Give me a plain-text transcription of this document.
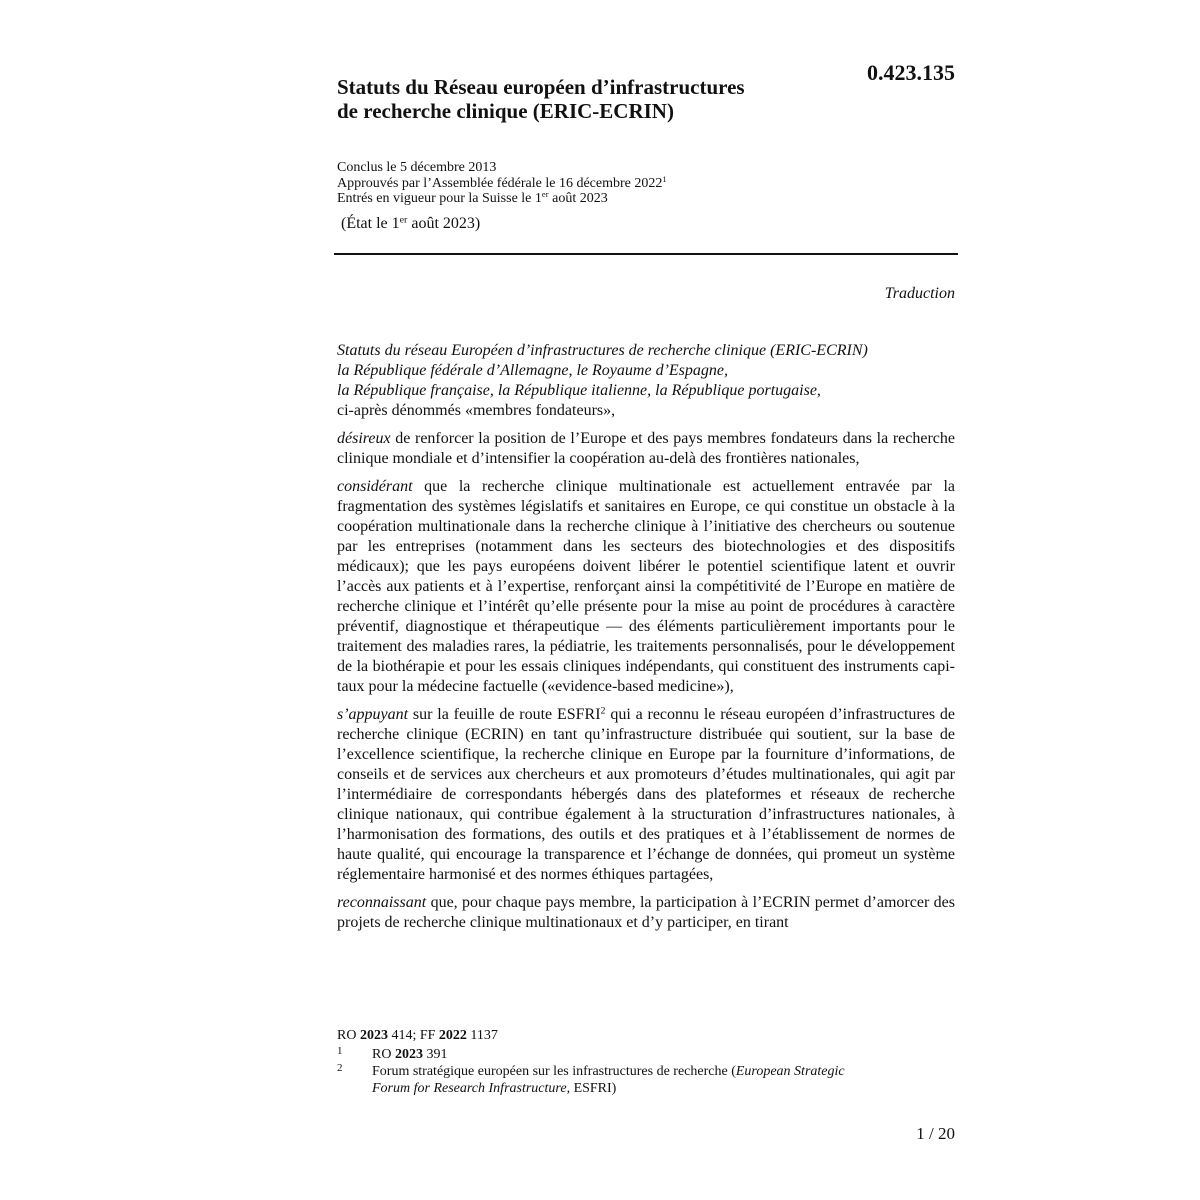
0.423.135
Statuts du Réseau européen d’infrastructures
de recherche clinique (ERIC-ECRIN)
Conclus le 5 décembre 2013
Approuvés par l’Assemblée fédérale le 16 décembre 2022$^1$
Entrés en vigueur pour la Suisse le 1er août 2023
(État le 1er août 2023)
Traduction

Statuts du réseau Européen d’infrastructures de recherche clinique (ERIC-ECRIN)
la République fédérale d’Allemagne, le Royaume d’Espagne,
la République française, la République italienne, la République portugaise,
ci-après dénommés «membres fondateurs»,

désireux de renforcer la position de l’Europe et des pays membres fondateurs dans la recherche clinique mondiale et d’intensifier la coopération au-delà des frontières nationales,

considérant que la recherche clinique multinationale est actuellement entravée par la fragmentation des systèmes législatifs et sanitaires en Europe, ce qui constitue un obstacle à la coopération multinationale dans la recherche clinique à l’initiative des chercheurs ou soutenue par les entreprises (notamment dans les secteurs des biotechnologies et des dispositifs médicaux); que les pays européens doivent libérer le potentiel scientifique latent et ouvrir l’accès aux patients et à l’expertise, renforçant ainsi la compétitivité de l’Europe en matière de recherche clinique et l’intérêt qu’elle présente pour la mise au point de procédures à caractère préventif, diagnostique et thérapeutique — des éléments particulièrement importants pour le traitement des maladies rares, la pédiatrie, les traitements personnalisés, pour le développement de la biothérapie et pour les essais cliniques indépendants, qui constituent des instruments capitaux pour la médecine factuelle («evidence-based medicine»),

s’appuyant sur la feuille de route ESFRI$^2$ qui a reconnu le réseau européen d’infrastructures de recherche clinique (ECRIN) en tant qu’infrastructure distribuée qui soutient, sur la base de l’excellence scientifique, la recherche clinique en Europe par la fourniture d’informations, de conseils et de services aux chercheurs et aux promoteurs d’études multinationales, qui agit par l’intermédiaire de correspondants hébergés dans des plateformes et réseaux de recherche clinique nationaux, qui contribue également à la structuration d’infrastructures nationales, à l’harmonisation des formations, des outils et des pratiques et à l’établissement de normes de haute qualité, qui encourage la transparence et l’échange de données, qui promeut un système réglementaire harmonisé et des normes éthiques partagées,

reconnaissant que, pour chaque pays membre, la participation à l’ECRIN permet d’amorcer des projets de recherche clinique multinationaux et d’y participer, en tirant

RO 2023 414; FF 2022 1137
1 RO 2023 391
2 Forum stratégique européen sur les infrastructures de recherche (European Strategic
Forum for Research Infrastructure, ESFRI)
1 / 20
